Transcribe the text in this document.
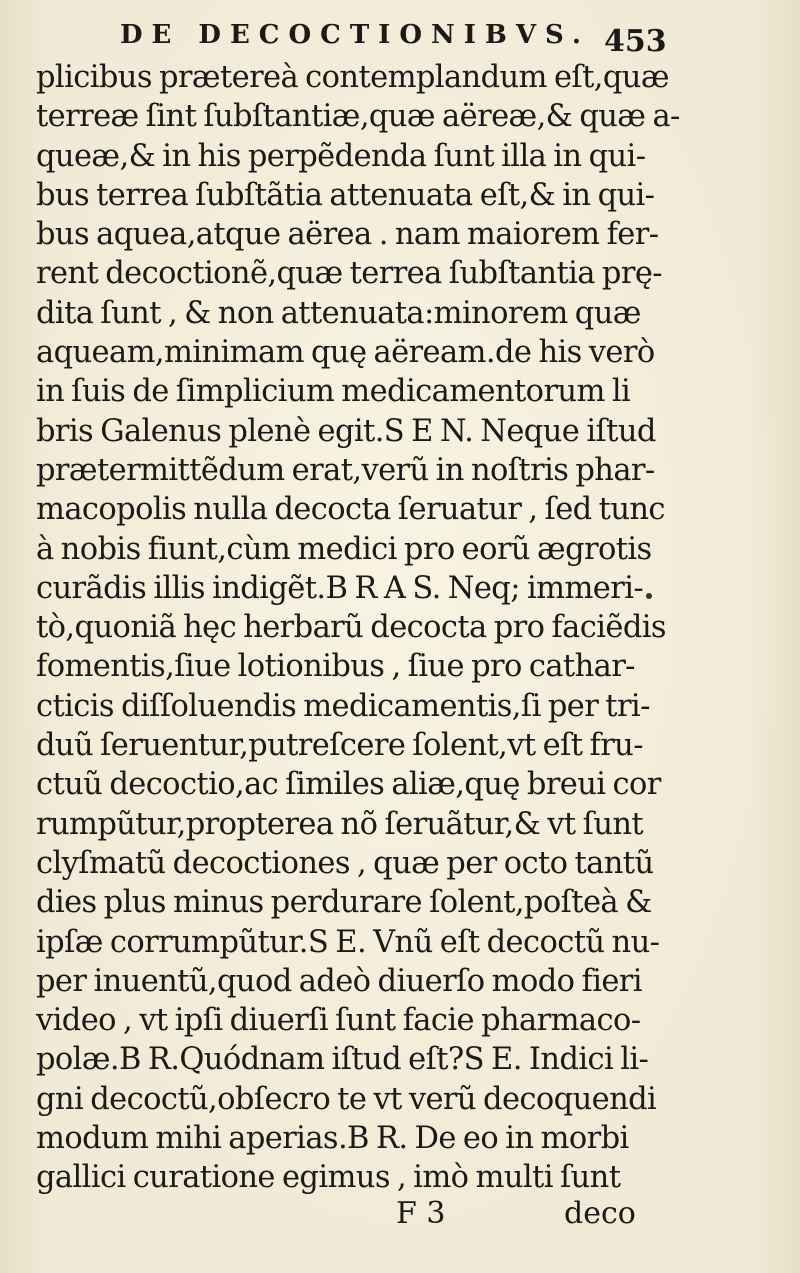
DE DECOCTIONIBVS. 453
plicibus prӕtereà contemplandum eſt,quӕ
terreӕ ſint ſubſtantiӕ,quӕ aëreӕ,& quӕ a-
queӕ,& in his perpẽdenda ſunt illa in qui-
bus terrea ſubſtãtia attenuata eſt,& in qui-
bus aquea,atque aërea . nam maiorem fer-
rent decoctionẽ,quӕ terrea ſubſtantia prę-
dita ſunt , & non attenuata:minorem quӕ
aqueam,minimam quę aëream.de his verò
in ſuis de ſimplicium medicamentorum li
bris Galenus plenè egit.S E N. Neque iſtud
prӕtermittẽdum erat,verũ in noſtris phar-
macopolis nulla decocta ſeruatur , ſed tunc
à nobis fiunt,cùm medici pro eorũ ӕgrotis
curãdis illis indigẽt.B R A S. Neq; immeri-
tò,quoniã hęc herbarũ decocta pro faciẽdis
fomentis,ſiue lotionibus , ſiue pro cathar-
cticis diſſoluendis medicamentis,ſi per tri-
duũ ſeruentur,putreſcere ſolent,vt eſt fru-
ctuũ decoctio,ac ſimiles aliӕ,quę breui cor
rumpũtur,propterea nõ ſeruãtur,& vt ſunt
clyſmatũ decoctiones , quӕ per octo tantũ
dies plus minus perdurare ſolent,poſteà &
ipſӕ corrumpũtur.S E. Vnũ eſt decoctũ nu-
per inuentũ,quod adeò diuerſo modo fieri
video , vt ipſi diuerſi ſunt facie pharmaco-
polӕ.B R.Quódnam iſtud eſt?S E. Indici li-
gni decoctũ,obſecro te vt verũ decoquendi
modum mihi aperias.B R. De eo in morbi
gallici curatione egimus , imò multi ſunt
F 3	deco
